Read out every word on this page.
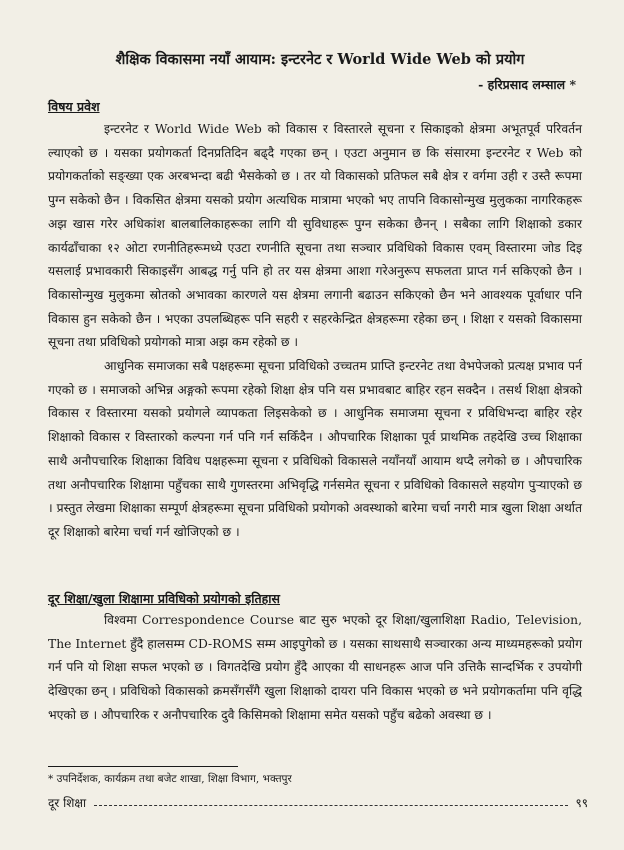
शैक्षिक विकासमा नयाँ आयाम: इन्टरनेट र World Wide Web को प्रयोग
- हरिप्रसाद लम्साल *
विषय प्रवेश

इन्टरनेट र World Wide Web को विकास र विस्तारले सूचना र सिकाइको क्षेत्रमा अभूतपूर्व परिवर्तन ल्याएको छ । यसका प्रयोगकर्ता दिनप्रतिदिन बढ्दै गएका छन् । एउटा अनुमान छ कि संसारमा इन्टरनेट र Web को प्रयोगकर्ताको सङ्ख्या एक अरबभन्दा बढी भैसकेको छ । तर यो विकासको प्रतिफल सबै क्षेत्र र वर्गमा उही र उस्तै रूपमा पुग्न सकेको छैन । विकसित क्षेत्रमा यसको प्रयोग अत्यधिक मात्रामा भएको भए तापनि विकासोन्मुख मुलुकका नागरिकहरू अझ खास गरेर अधिकांश बालबालिकाहरूका लागि यी सुविधाहरू पुग्न सकेका छैनन् । सबैका लागि शिक्षाको डकार कार्यढाँचाका १२ ओटा रणनीतिहरूमध्ये एउटा रणनीति सूचना तथा सञ्चार प्रविधिको विकास एवम् विस्तारमा जोड दिइ यसलाई प्रभावकारी सिकाइसँग आबद्ध गर्नु पनि हो तर यस क्षेत्रमा आशा गरेअनुरूप सफलता प्राप्त गर्न सकिएको छैन । विकासोन्मुख मुलुकमा स्रोतको अभावका कारणले यस क्षेत्रमा लगानी बढाउन सकिएको छैन भने आवश्यक पूर्वाधार पनि विकास हुन सकेको छैन । भएका उपलब्धिहरू पनि सहरी र सहरकेन्द्रित क्षेत्रहरूमा रहेका छन् । शिक्षा र यसको विकासमा सूचना तथा प्रविधिको प्रयोगको मात्रा अझ कम रहेको छ ।

आधुनिक समाजका सबै पक्षहरूमा सूचना प्रविधिको उच्चतम प्राप्ति इन्टरनेट तथा वेभपेजको प्रत्यक्ष प्रभाव पर्न गएको छ । समाजको अभिन्न अङ्गको रूपमा रहेको शिक्षा क्षेत्र पनि यस प्रभावबाट बाहिर रहन सक्दैन । तसर्थ शिक्षा क्षेत्रको विकास र विस्तारमा यसको प्रयोगले व्यापकता लिइसकेको छ । आधुनिक समाजमा सूचना र प्रविधिभन्दा बाहिर रहेर शिक्षाको विकास र विस्तारको कल्पना गर्न पनि गर्न सकिँदैन । औपचारिक शिक्षाका पूर्व प्राथमिक तहदेखि उच्च शिक्षाका साथै अनौपचारिक शिक्षाका विविध पक्षहरूमा सूचना र प्रविधिको विकासले नयाँनयाँ आयाम थप्दै लगेको छ । औपचारिक तथा अनौपचारिक शिक्षामा पहुँचका साथै गुणस्तरमा अभिवृद्धि गर्नसमेत सूचना र प्रविधिको विकासले सहयोग पुऱ्याएको छ । प्रस्तुत लेखमा शिक्षाका सम्पूर्ण क्षेत्रहरूमा सूचना प्रविधिको प्रयोगको अवस्थाको बारेमा चर्चा नगरी मात्र खुला शिक्षा अर्थात दूर शिक्षाको बारेमा चर्चा गर्न खोजिएको छ ।

दूर शिक्षा/खुला शिक्षामा प्रविधिको प्रयोगको इतिहास

विश्वमा Correspondence Course बाट सुरु भएको दूर शिक्षा/खुलाशिक्षा Radio, Television, The Internet हुँदै हालसम्म CD-ROMS सम्म आइपुगेको छ । यसका साथसाथै सञ्चारका अन्य माध्यमहरूको प्रयोग गर्न पनि यो शिक्षा सफल भएको छ । विगतदेखि प्रयोग हुँदै आएका यी साधनहरू आज पनि उत्तिकै सान्दर्भिक र उपयोगी देखिएका छन् । प्रविधिको विकासको क्रमसँगसँगै खुला शिक्षाको दायरा पनि विकास भएको छ भने प्रयोगकर्तामा पनि वृद्धि भएको छ । औपचारिक र अनौपचारिक दुवै किसिमको शिक्षामा समेत यसको पहुँच बढेको अवस्था छ ।

* उपनिर्देशक, कार्यक्रम तथा बजेट शाखा, शिक्षा विभाग, भक्तपुर
दूर शिक्षा	९९
